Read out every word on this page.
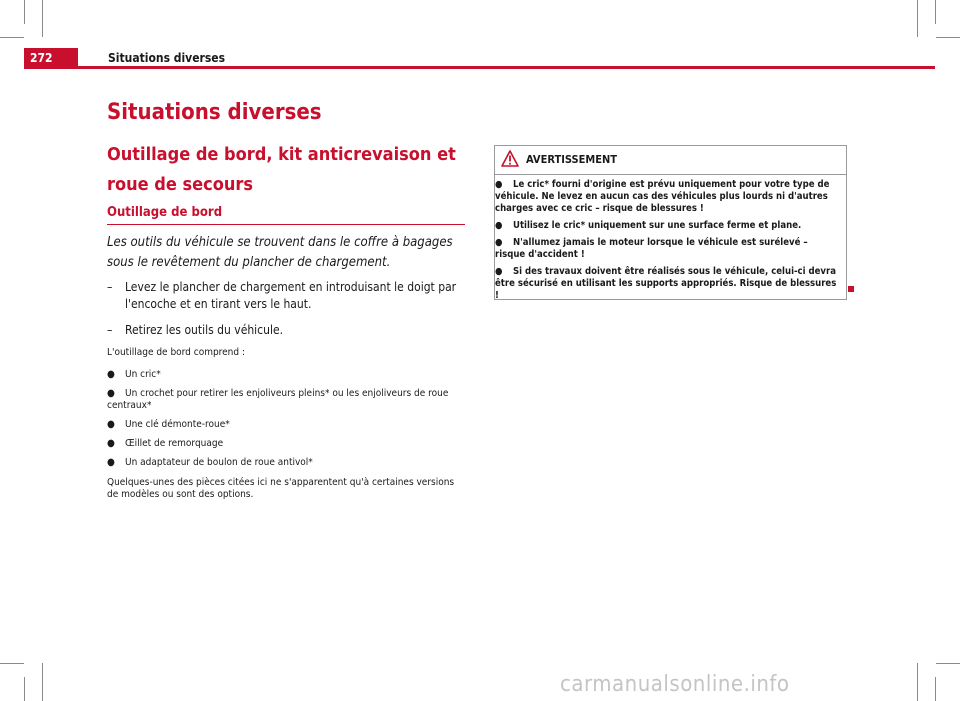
272	Situations diverses
Situations diverses
Outillage de bord, kit anticrevaison et roue de secours
Outillage de bord

Les outils du véhicule se trouvent dans le coffre à bagages sous le revêtement du plancher de chargement.

– Levez le plancher de chargement en introduisant le doigt par l'encoche et en tirant vers le haut.
– Retirez les outils du véhicule.

L'outillage de bord comprend :

● Un cric*
● Un crochet pour retirer les enjoliveurs pleins* ou les enjoliveurs de roue centraux*
● Une clé démonte-roue*
● Œillet de remorquage
● Un adaptateur de boulon de roue antivol*

Quelques-unes des pièces citées ici ne s'apparentent qu'à certaines versions de modèles ou sont des options.

AVERTISSEMENT
● Le cric* fourni d'origine est prévu uniquement pour votre type de véhicule. Ne levez en aucun cas des véhicules plus lourds ni d'autres charges avec ce cric – risque de blessures !
● Utilisez le cric* uniquement sur une surface ferme et plane.
● N'allumez jamais le moteur lorsque le véhicule est surélevé – risque d'accident !
● Si des travaux doivent être réalisés sous le véhicule, celui-ci devra être sécurisé en utilisant les supports appropriés. Risque de blessures !
carmanualsonline.info
